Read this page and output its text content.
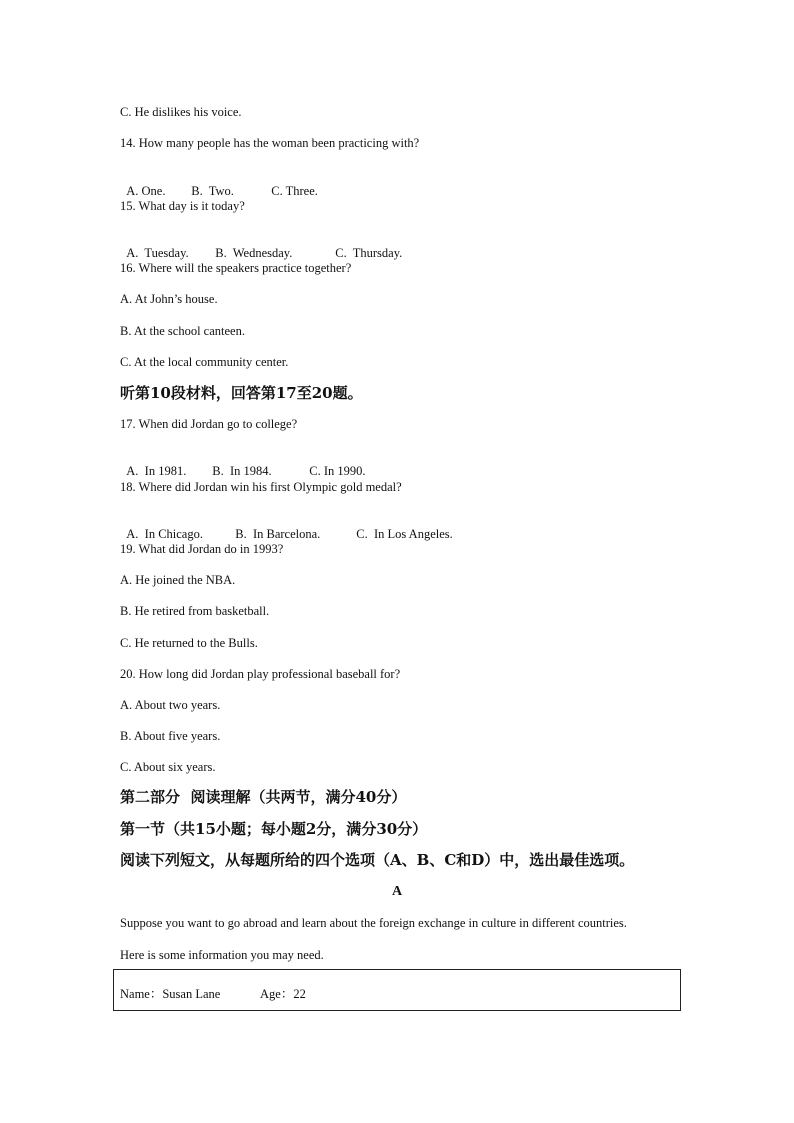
C. He dislikes his voice.
14. How many people has the woman been practicing with?

A. One. B.  Two.	C. Three.

15. What day is it today?

A.  Tuesday. B.  Wednesday.	C.  Thursday.

16. Where will the speakers practice together?
A. At John’s house.
B. At the school canteen.
C. At the local community center.
听第10段材料，回答第17至20题。
17. When did Jordan go to college?

A.  In 1981. B.  In 1984.	C. In 1990.

18. Where did Jordan win his first Olympic gold medal?

A.  In Chicago.	B.  In Barcelona.	C.  In Los Angeles.

19. What did Jordan do in 1993?
A. He joined the NBA.
B. He retired from basketball.
C. He returned to the Bulls.
20. How long did Jordan play professional baseball for?
A. About two years.
B. About five years.
C. About six years.
第二部分  阅读理解（共两节，满分40分）
第一节（共15小题；每小题2分，满分30分）
阅读下列短文，从每题所给的四个选项（A、B、C和D）中，选出最佳选项。
A
Suppose you want to go abroad and learn about the foreign exchange in culture in different countries.
Here is some information you may need.
Name：Susan Lane	Age：22
